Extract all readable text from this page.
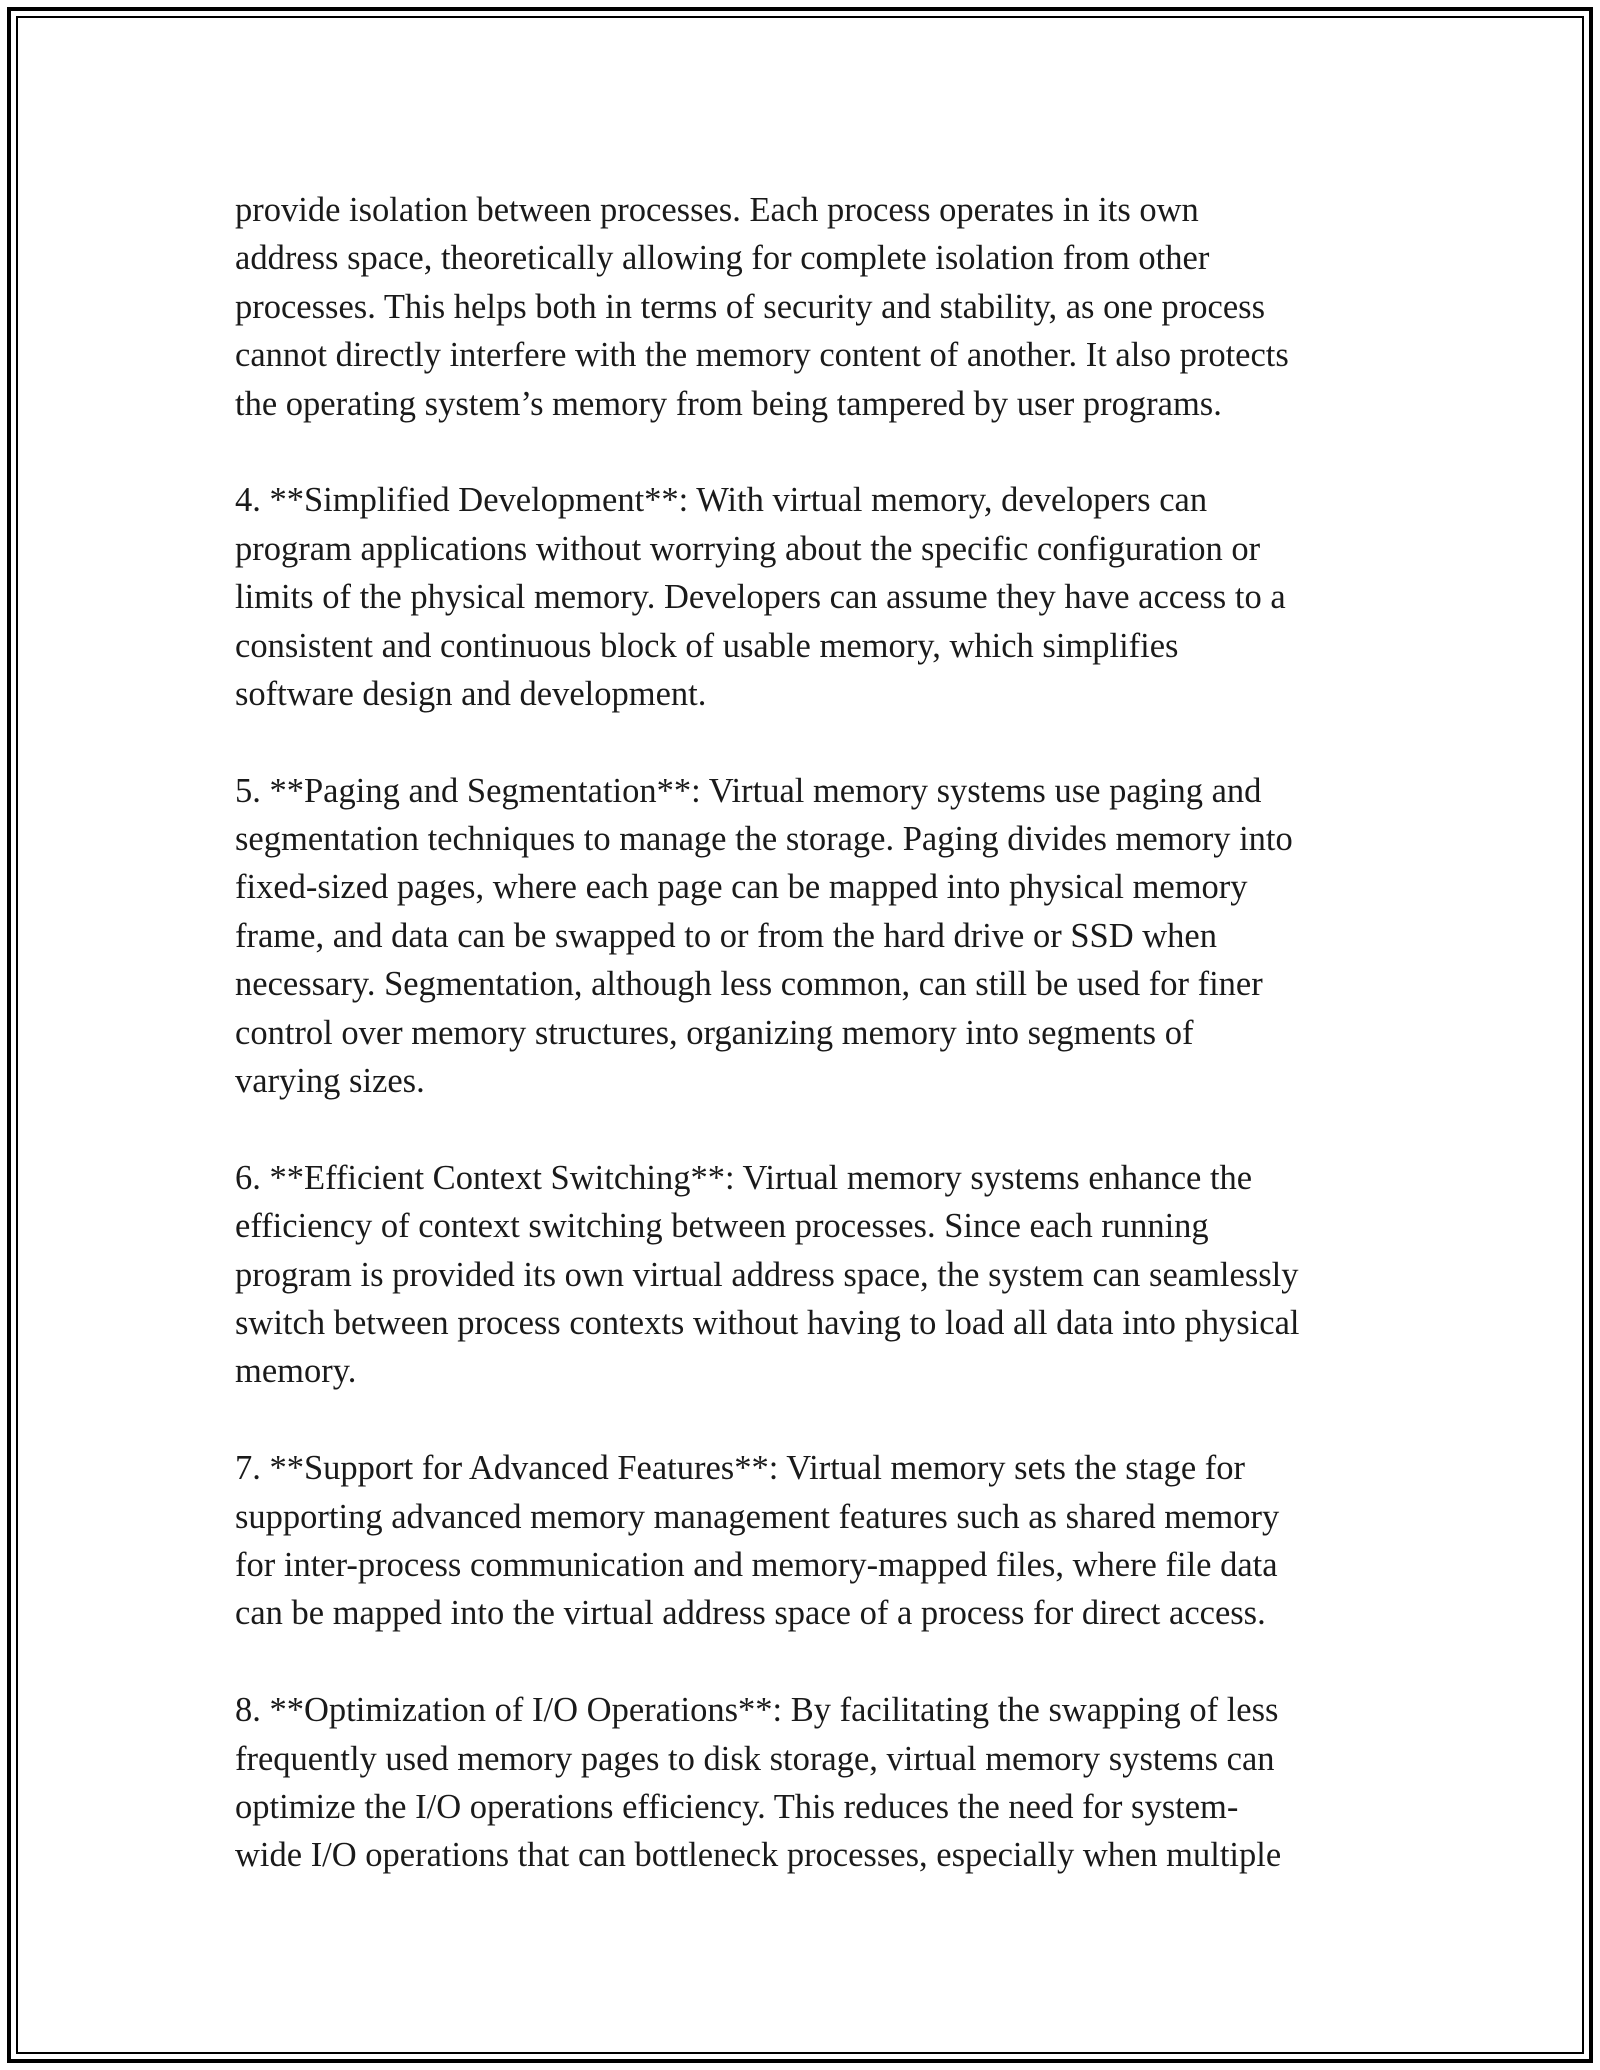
provide isolation between processes. Each process operates in its own
address space, theoretically allowing for complete isolation from other
processes. This helps both in terms of security and stability, as one process
cannot directly interfere with the memory content of another. It also protects
the operating system’s memory from being tampered by user programs.

4. **Simplified Development**: With virtual memory, developers can
program applications without worrying about the specific configuration or
limits of the physical memory. Developers can assume they have access to a
consistent and continuous block of usable memory, which simplifies
software design and development.

5. **Paging and Segmentation**: Virtual memory systems use paging and
segmentation techniques to manage the storage. Paging divides memory into
fixed-sized pages, where each page can be mapped into physical memory
frame, and data can be swapped to or from the hard drive or SSD when
necessary. Segmentation, although less common, can still be used for finer
control over memory structures, organizing memory into segments of
varying sizes.

6. **Efficient Context Switching**: Virtual memory systems enhance the
efficiency of context switching between processes. Since each running
program is provided its own virtual address space, the system can seamlessly
switch between process contexts without having to load all data into physical
memory.

7. **Support for Advanced Features**: Virtual memory sets the stage for
supporting advanced memory management features such as shared memory
for inter-process communication and memory-mapped files, where file data
can be mapped into the virtual address space of a process for direct access.

8. **Optimization of I/O Operations**: By facilitating the swapping of less
frequently used memory pages to disk storage, virtual memory systems can
optimize the I/O operations efficiency. This reduces the need for system-
wide I/O operations that can bottleneck processes, especially when multiple
